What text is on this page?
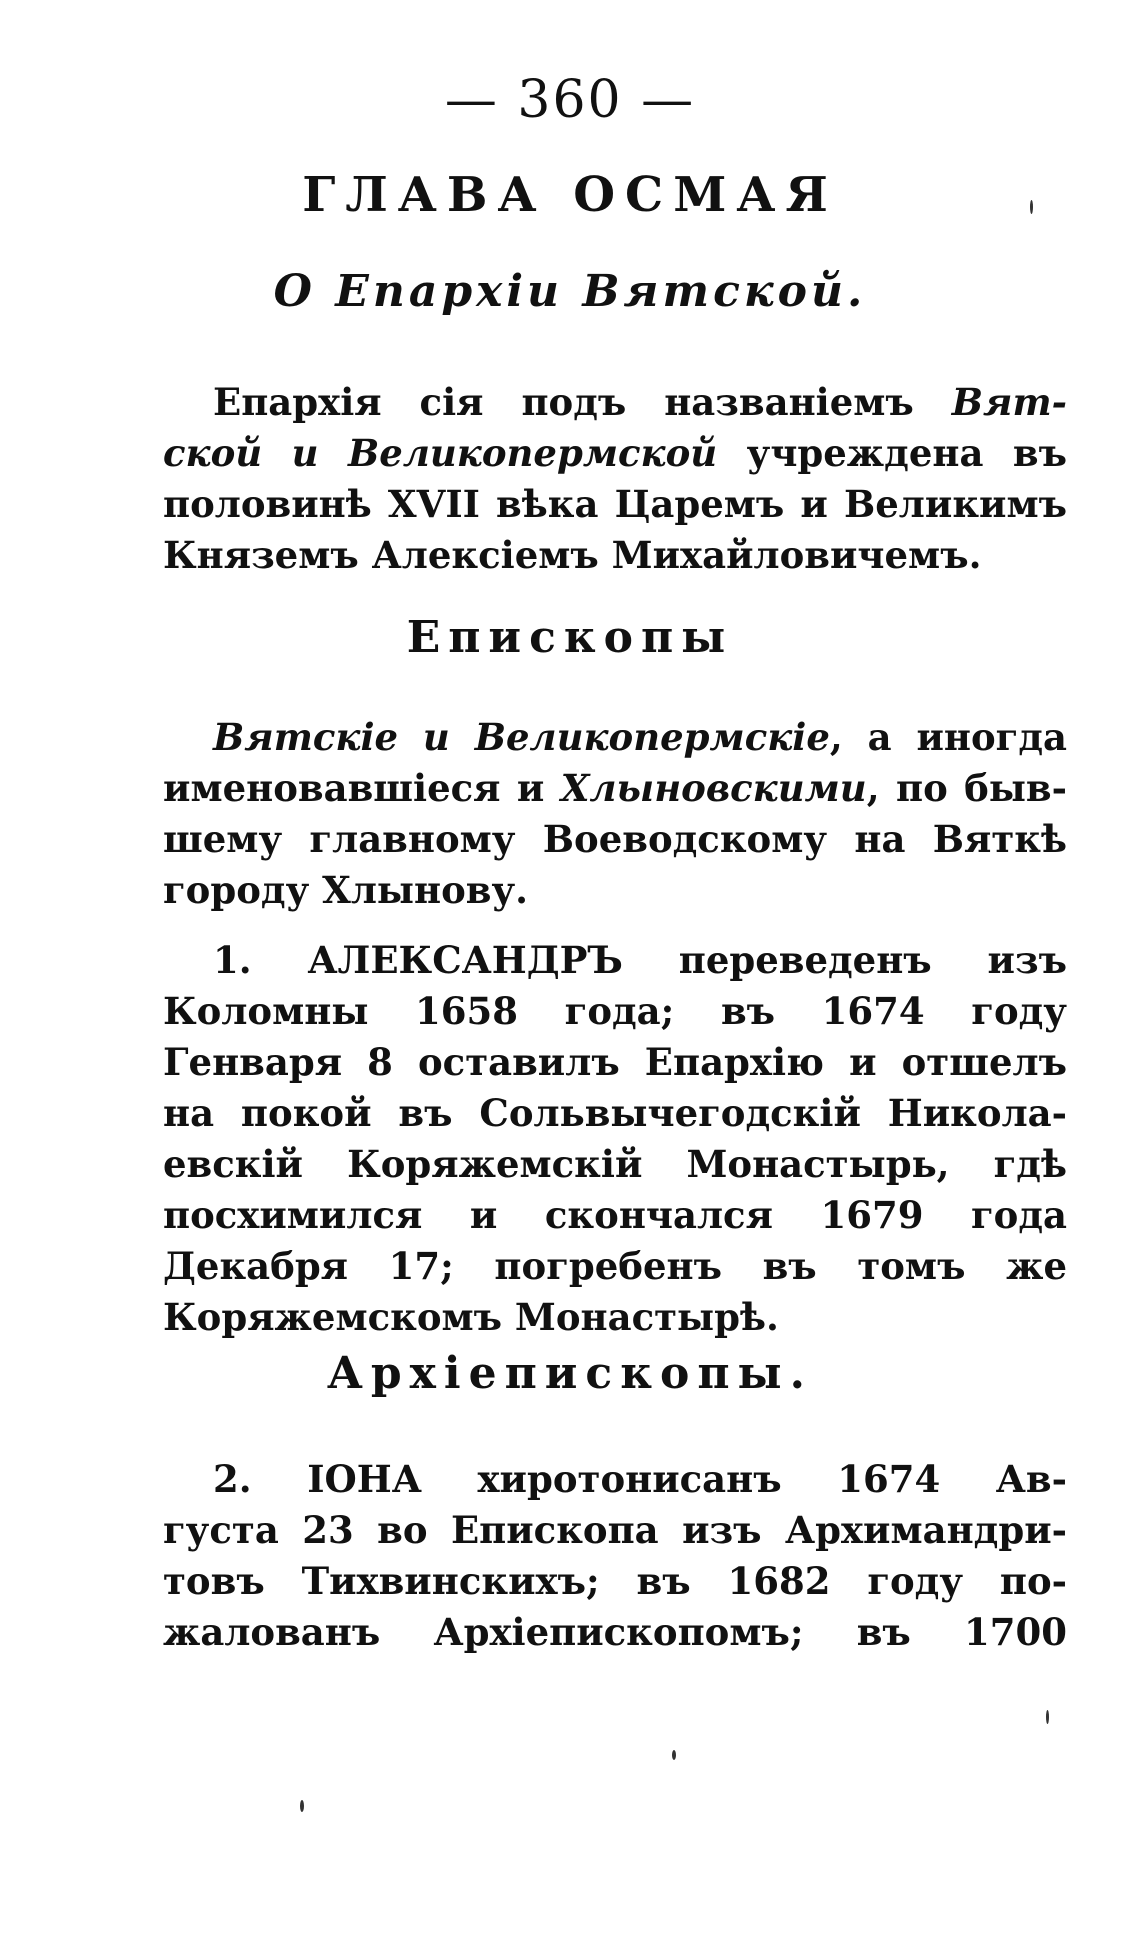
— 360 —
ГЛАВА ОСМАЯ
О Епархіи Вятской.
Епархія сія подъ названіемъ Вят-
ской и Великопермской учреждена въ
половинѣ XVII вѣка Царемъ и Великимъ
Княземъ Алексіемъ Михайловичемъ.
Епископы
Вятскіе и Великопермскіе, а иногда
именовавшіеся и Хлыновскими, по быв-
шему главному Воеводскому на Вяткѣ
городу Хлынову.
1. АЛЕКСАНДРЪ переведенъ изъ
Коломны 1658 года; въ 1674 году
Генваря 8 оставилъ Епархію и отшелъ
на покой въ Сольвычегодскій Никола-
евскій Коряжемскій Монастырь, гдѣ
посхимился и скончался 1679 года
Декабря 17; погребенъ въ томъ же
Коряжемскомъ Монастырѣ.
Архіепископы.
2. IОНА хиротонисанъ 1674 Ав-
густа 23 во Епископа изъ Архимандри-
товъ Тихвинскихъ; въ 1682 году по-
жалованъ Архіепископомъ; въ 1700
